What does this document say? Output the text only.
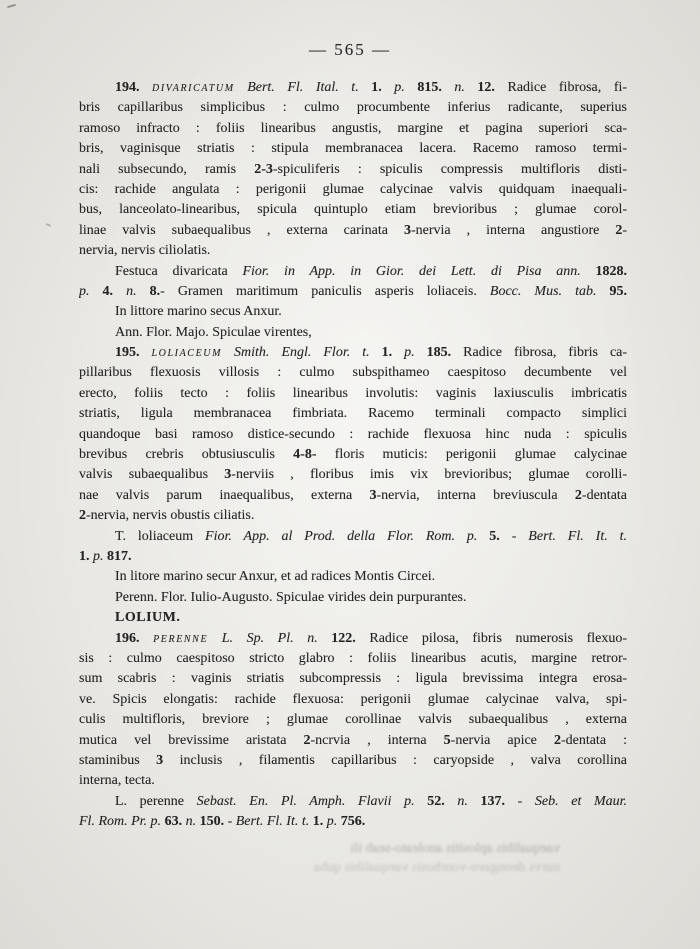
— 565 —
194. divaricatum Bert. Fl. Ital. t. 1. p. 815. n. 12. Radice fibrosa, fi-
bris capillaribus simplicibus : culmo procumbente inferius radicante, superius
ramoso infracto : foliis linearibus angustis, margine et pagina superiori sca-
bris, vaginisque striatis : stipula membranacea lacera. Racemo ramoso termi-
nali subsecundo, ramis 2-3-spiculiferis : spiculis compressis multifloris disti-
cis: rachide angulata : perigonii glumae calycinae valvis quidquam inaequali-
bus, lanceolato-linearibus, spicula quintuplo etiam brevioribus ; glumae corol-
linae valvis subaequalibus , externa carinata 3-nervia , interna angustiore 2-
nervia, nervis ciliolatis.
Festuca divaricata Fior. in App. in Gior. dei Lett. di Pisa ann. 1828.
p. 4. n. 8.- Gramen maritimum paniculis asperis loliaceis. Bocc. Mus. tab. 95.
In littore marino secus Anxur.
Ann. Flor. Majo. Spiculae virentes,
195. loliaceum Smith. Engl. Flor. t. 1. p. 185. Radice fibrosa, fibris ca-
pillaribus flexuosis villosis : culmo subspithameo caespitoso decumbente vel
erecto, foliis tecto : foliis linearibus involutis: vaginis laxiusculis imbricatis
striatis, ligula membranacea fimbriata. Racemo terminali compacto simplici
quandoque basi ramoso distice-secundo : rachide flexuosa hinc nuda : spiculis
brevibus crebris obtusiusculis 4-8- floris muticis: perigonii glumae calycinae
valvis subaequalibus 3-nerviis , floribus imis vix brevioribus; glumae corolli-
nae valvis parum inaequalibus, externa 3-nervia, interna breviuscula 2-dentata
2-nervia, nervis obustis ciliatis.
T. loliaceum Fior. App. al Prod. della Flor. Rom. p. 5. - Bert. Fl. It. t.
1. p. 817.
In litore marino secur Anxur, et ad radices Montis Circei.
Perenn. Flor. Iulio-Augusto. Spiculae virides dein purpurantes.
LOLIUM.
196. perenne L. Sp. Pl. n. 122. Radice pilosa, fibris numerosis flexuo-
sis : culmo caespitoso stricto glabro : foliis linearibus acutis, margine retror-
sum scabris : vaginis striatis subcompressis : ligula brevissima integra erosa-
ve. Spicis elongatis: rachide flexuosa: perigonii glumae calycinae valva, spi-
culis multifloris, breviore ; glumae corollinae valvis subaequalibus , externa
mutica vel brevissime aristata 2-ncrvia , interna 5-nervia apice 2-dentata :
staminibus 3 inclusis , filamentis capillaribus : caryopside , valva corollina
interna, tecta.
L. perenne Sebast. En. Pl. Amph. Flavii p. 52. n. 137. - Seb. et Maur.
Fl. Rom. Pr. p. 63. n. 150. - Bert. Fl. It. t. 1. p. 756.
vaequalibis aplositis anoleato-seab ili
nurvs deongavo-vonrhosis vaequalibis quba
